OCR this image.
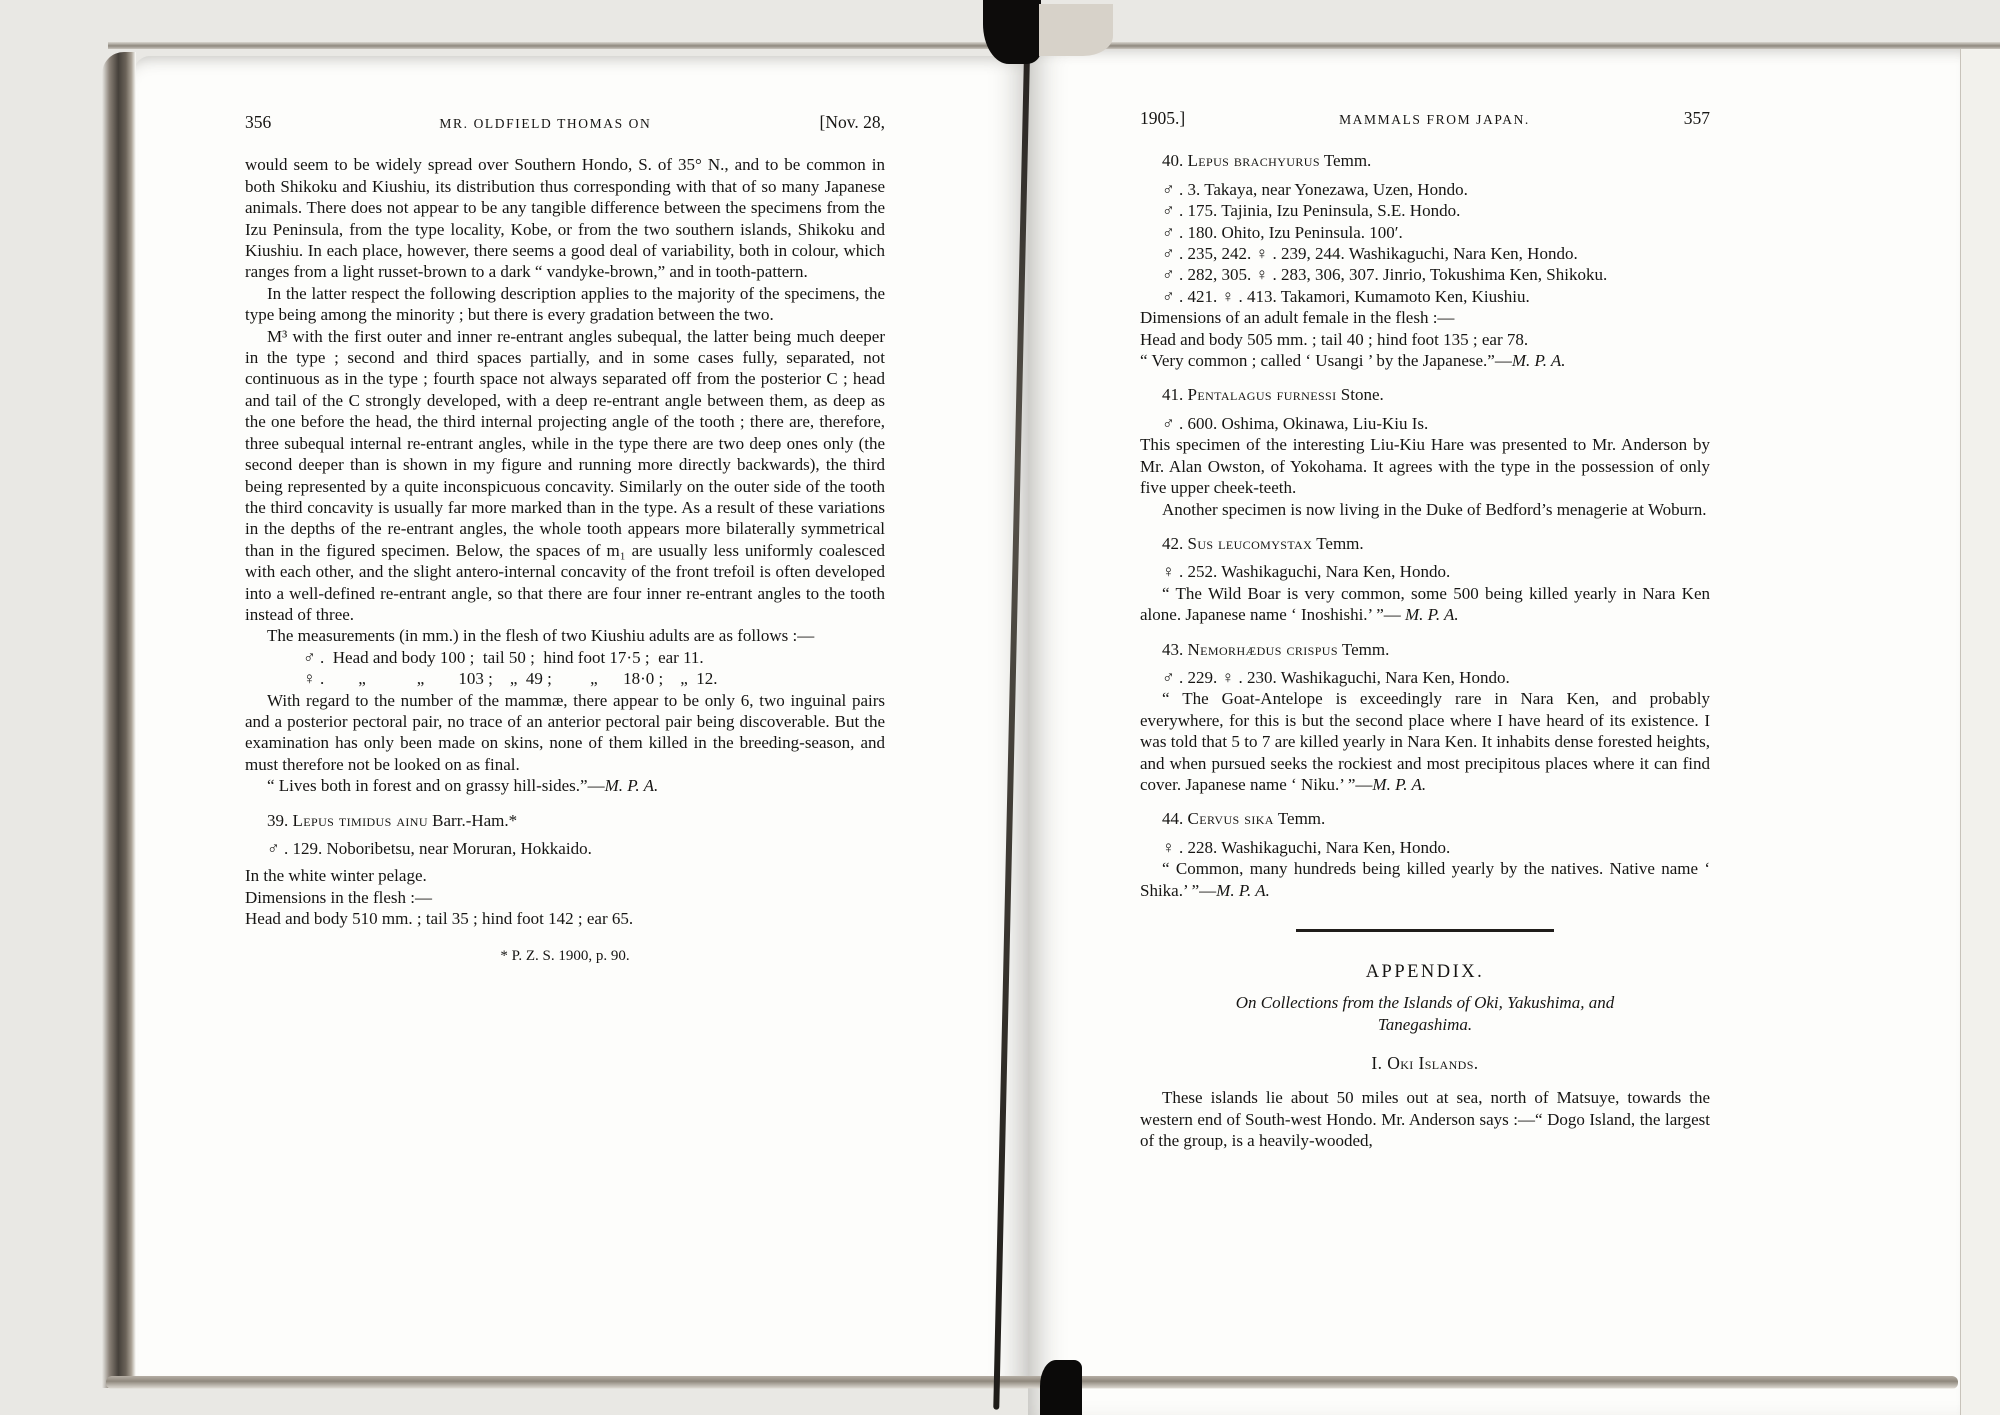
356	MR. OLDFIELD THOMAS ON	[Nov. 28,

would seem to be widely spread over Southern Hondo, S. of 35° N., and to be common in both Shikoku and Kiushiu, its distribution thus corresponding with that of so many Japanese animals. There does not appear to be any tangible difference between the specimens from the Izu Peninsula, from the type locality, Kobe, or from the two southern islands, Shikoku and Kiushiu. In each place, however, there seems a good deal of variability, both in colour, which ranges from a light russet-brown to a dark “ vandyke-brown,” and in tooth-pattern.

In the latter respect the following description applies to the majority of the specimens, the type being among the minority ; but there is every gradation between the two.

M³ with the first outer and inner re-entrant angles subequal, the latter being much deeper in the type ; second and third spaces partially, and in some cases fully, separated, not continuous as in the type ; fourth space not always separated off from the posterior C ; head and tail of the C strongly developed, with a deep re-entrant angle between them, as deep as the one before the head, the third internal projecting angle of the tooth ; there are, therefore, three subequal internal re-entrant angles, while in the type there are two deep ones only (the second deeper than is shown in my figure and running more directly backwards), the third being represented by a quite inconspicuous concavity. Similarly on the outer side of the tooth the third concavity is usually far more marked than in the type. As a result of these variations in the depths of the re-entrant angles, the whole tooth appears more bilaterally symmetrical than in the figured specimen. Below, the spaces of m₁ are usually less uniformly coalesced with each other, and the slight antero-internal concavity of the front trefoil is often developed into a well-defined re-entrant angle, so that there are four inner re-entrant angles to the tooth instead of three.

The measurements (in mm.) in the flesh of two Kiushiu adults are as follows :—

♂ .  Head and body 100 ;  tail 50 ;  hind foot 17·5 ;  ear 11.

♀ .        „            „        103 ;    „  49 ;         „      18·0 ;    „  12.

With regard to the number of the mammæ, there appear to be only 6, two inguinal pairs and a posterior pectoral pair, no trace of an anterior pectoral pair being discoverable. But the examination has only been made on skins, none of them killed in the breeding-season, and must therefore not be looked on as final.

“ Lives both in forest and on grassy hill-sides.”—M. P. A.

39. Lepus timidus ainu Barr.-Ham.*

♂ . 129. Noboribetsu, near Moruran, Hokkaido.

In the white winter pelage.

Dimensions in the flesh :—

Head and body 510 mm. ; tail 35 ; hind foot 142 ; ear 65.

* P. Z. S. 1900, p. 90.

1905.]	MAMMALS FROM JAPAN.	357

40. Lepus brachyurus Temm.

♂ . 3. Takaya, near Yonezawa, Uzen, Hondo.

♂ . 175. Tajinia, Izu Peninsula, S.E. Hondo.

♂ . 180. Ohito, Izu Peninsula. 100′.

♂ . 235, 242. ♀ . 239, 244. Washikaguchi, Nara Ken, Hondo.

♂ . 282, 305. ♀ . 283, 306, 307. Jinrio, Tokushima Ken, Shikoku.

♂ . 421. ♀ . 413. Takamori, Kumamoto Ken, Kiushiu.

Dimensions of an adult female in the flesh :—

Head and body 505 mm. ; tail 40 ; hind foot 135 ; ear 78.

“ Very common ; called ‘ Usangi ’ by the Japanese.”—M. P. A.

41. Pentalagus furnessi Stone.

♂ . 600. Oshima, Okinawa, Liu-Kiu Is.

This specimen of the interesting Liu-Kiu Hare was presented to Mr. Anderson by Mr. Alan Owston, of Yokohama. It agrees with the type in the possession of only five upper cheek-teeth.

Another specimen is now living in the Duke of Bedford’s menagerie at Woburn.

42. Sus leucomystax Temm.

♀ . 252. Washikaguchi, Nara Ken, Hondo.

“ The Wild Boar is very common, some 500 being killed yearly in Nara Ken alone. Japanese name ‘ Inoshishi.’ ”— M. P. A.

43. Nemorhædus crispus Temm.

♂ . 229. ♀ . 230. Washikaguchi, Nara Ken, Hondo.

“ The Goat-Antelope is exceedingly rare in Nara Ken, and probably everywhere, for this is but the second place where I have heard of its existence. I was told that 5 to 7 are killed yearly in Nara Ken. It inhabits dense forested heights, and when pursued seeks the rockiest and most precipitous places where it can find cover. Japanese name ‘ Niku.’ ”—M. P. A.

44. Cervus sika Temm.

♀ . 228. Washikaguchi, Nara Ken, Hondo.

“ Common, many hundreds being killed yearly by the natives. Native name ‘ Shika.’ ”—M. P. A.

APPENDIX.

On Collections from the Islands of Oki, Yakushima, and Tanegashima.

I. Oki Islands.

These islands lie about 50 miles out at sea, north of Matsuye, towards the western end of South-west Hondo. Mr. Anderson says :—“ Dogo Island, the largest of the group, is a heavily-wooded,
